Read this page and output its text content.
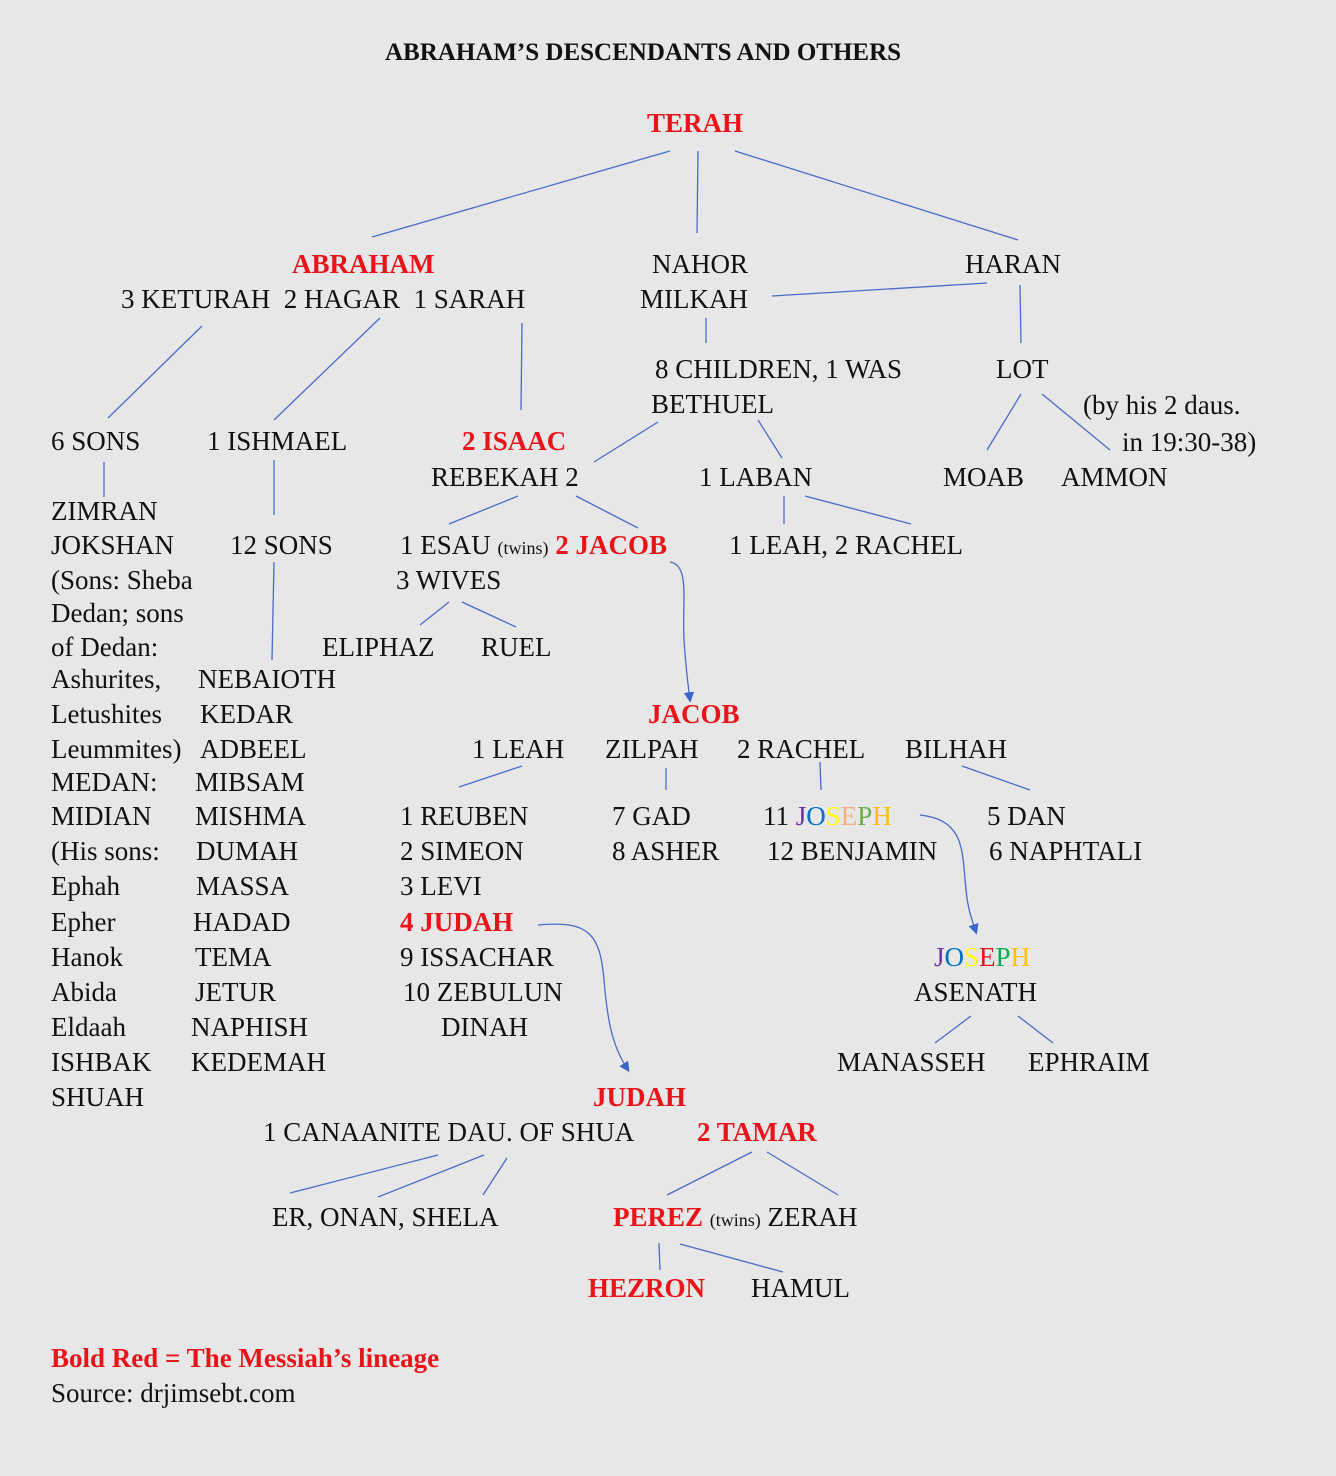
ABRAHAM’S DESCENDANTS AND OTHERS
TERAH
ABRAHAM
3 KETURAH  2 HAGAR  1 SARAH
NAHOR
MILKAH
HARAN
8 CHILDREN, 1 WAS
BETHUEL
LOT
(by his 2 daus.
in 19:30-38)
6 SONS 1 ISHMAEL	2 ISAAC
REBEKAH 2	1 LABAN	MOAB AMMON
12 SONS 1 ESAU (twins) 2 JACOB 1 LEAH, 2 RACHEL
3 WIVES
ELIPHAZ RUEL
JACOB
1 LEAH ZILPAH 2 RACHEL BILHAH
1 REUBEN
2 SIMEON
3 LEVI
4 JUDAH
9 ISSACHAR
10 ZEBULUN
DINAH
7 GAD
8 ASHER
11 JOSEPH
12 BENJAMIN
5 DAN
6 NAPHTALI
JOSEPH
ASENATH
MANASSEH EPHRAIM
JUDAH
1 CANAANITE DAU. OF SHUA 2 TAMAR
ER, ONAN, SHELA	PEREZ (twins) ZERAH
HEZRON HAMUL
Bold Red = The Messiah’s lineage
Source: drjimsebt.com
ZIMRAN
JOKSHAN
(Sons: Sheba
Dedan; sons
of Dedan:
Ashurites,
Letushites
Leummites)
MEDAN:
MIDIAN
(His sons:
Ephah
Epher
Hanok
Abida
Eldaah
ISHBAK
SHUAH
NEBAIOTH
KEDAR
ADBEEL
MIBSAM
MISHMA
DUMAH
MASSA
HADAD
TEMA
JETUR
NAPHISH
KEDEMAH
